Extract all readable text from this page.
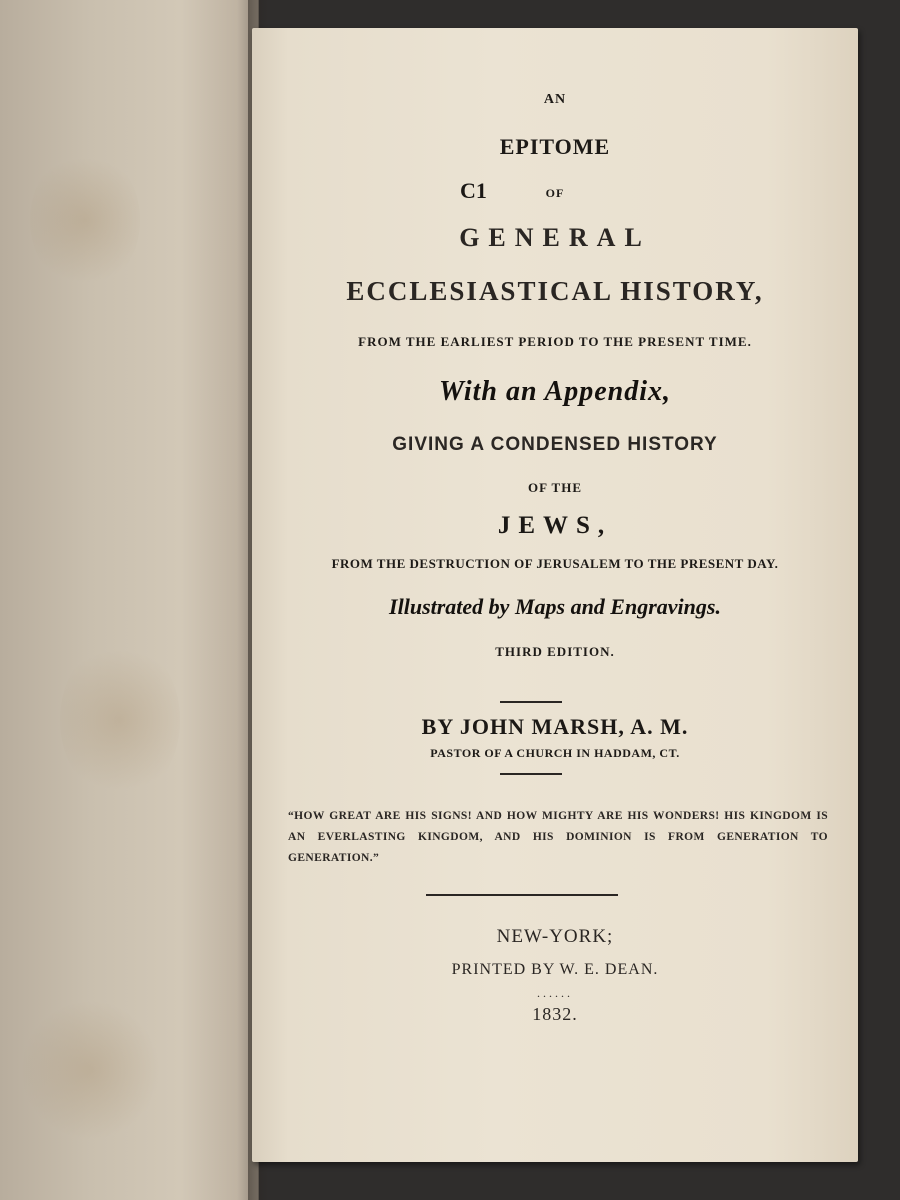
AN

EPITOME

C1	OF

GENERAL

ECCLESIASTICAL HISTORY,

FROM THE EARLIEST PERIOD TO THE PRESENT TIME.

With an Appendix,

GIVING A CONDENSED HISTORY

OF THE

JEWS,

FROM THE DESTRUCTION OF JERUSALEM TO THE PRESENT DAY.

Illustrated by Maps and Engravings.

THIRD EDITION.

BY JOHN MARSH, A. M.

PASTOR OF A CHURCH IN HADDAM, CT.

“HOW GREAT ARE HIS SIGNS! AND HOW MIGHTY ARE HIS WONDERS! HIS KINGDOM IS AN EVERLASTING KINGDOM, AND HIS DOMINION IS FROM GENERATION TO GENERATION.”

NEW-YORK;

PRINTED BY W. E. DEAN.

......

1832.
